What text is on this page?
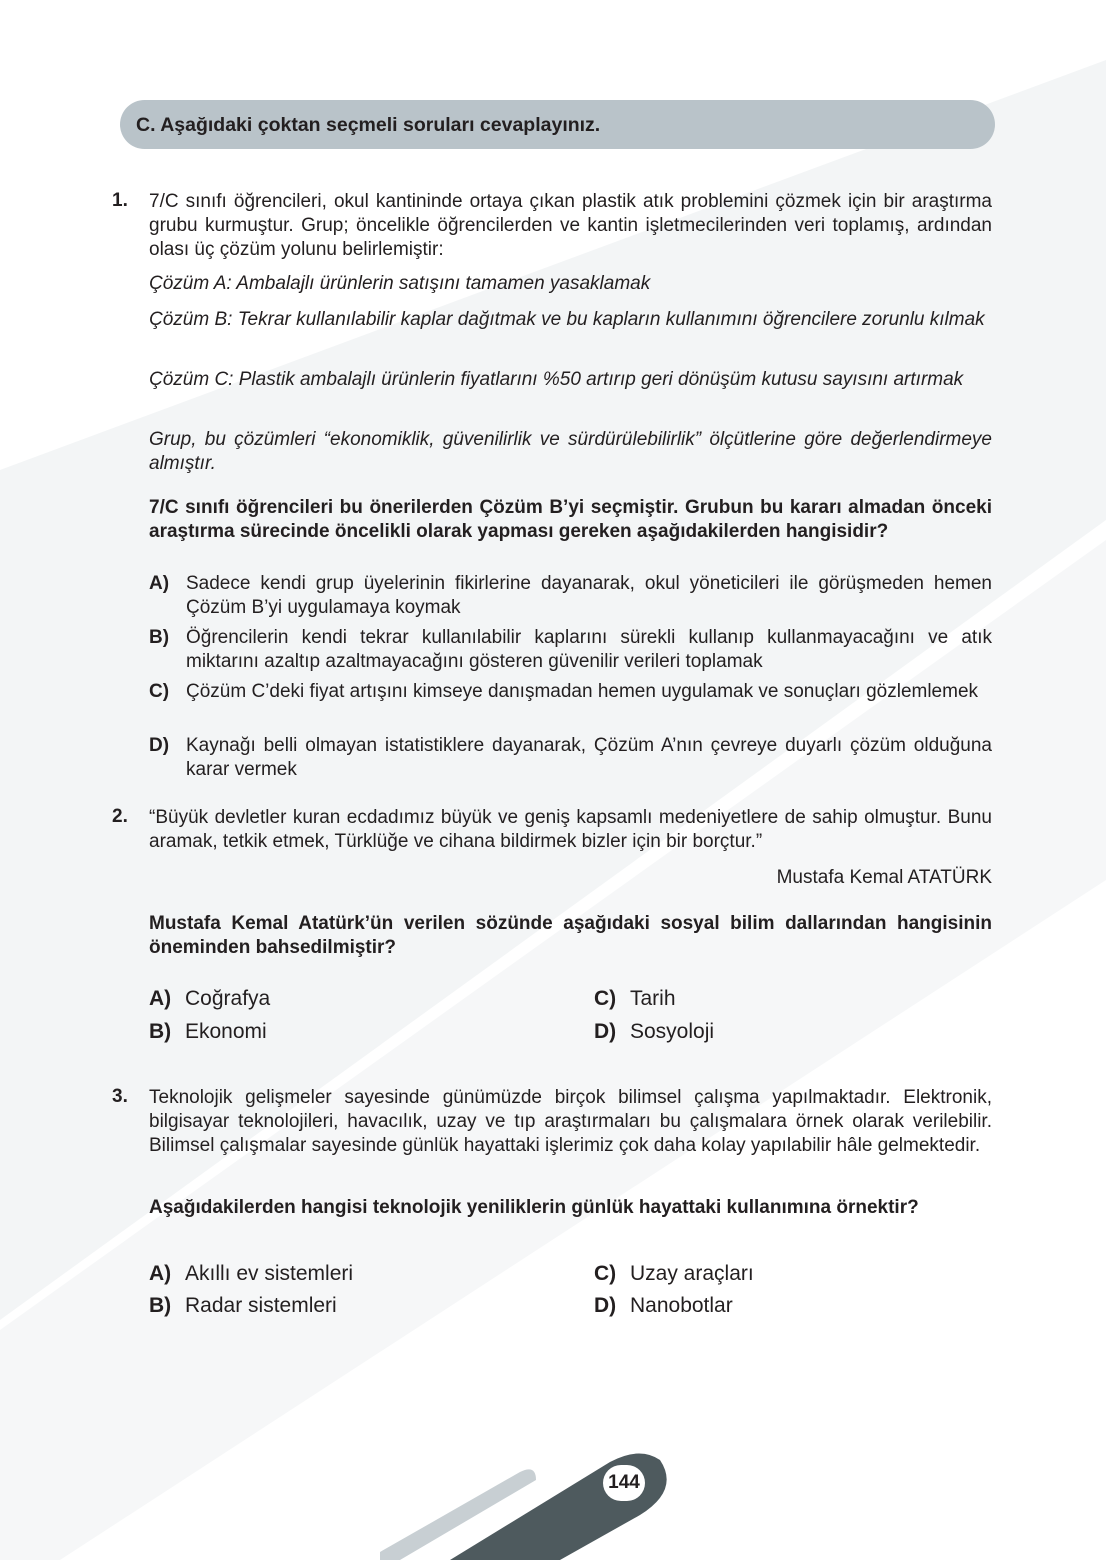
C. Aşağıdaki çoktan seçmeli soruları cevaplayınız.
1. 7/C sınıfı öğrencileri, okul kantininde ortaya çıkan plastik atık problemini çözmek için bir araştırma grubu kurmuştur. Grup; öncelikle öğrencilerden ve kantin işletmecilerinden veri toplamış, ardından olası üç çözüm yolunu belirlemiştir:

Çözüm A: Ambalajlı ürünlerin satışını tamamen yasaklamak

Çözüm B: Tekrar kullanılabilir kaplar dağıtmak ve bu kapların kullanımını öğrencilere zorunlu kılmak

Çözüm C: Plastik ambalajlı ürünlerin fiyatlarını %50 artırıp geri dönüşüm kutusu sayısını artırmak

Grup, bu çözümleri “ekonomiklik, güvenilirlik ve sürdürülebilirlik” ölçütlerine göre değerlendirmeye almıştır.

7/C sınıfı öğrencileri bu önerilerden Çözüm B’yi seçmiştir. Grubun bu kararı almadan önceki araştırma sürecinde öncelikli olarak yapması gereken aşağıdakilerden hangisidir?

A) Sadece kendi grup üyelerinin fikirlerine dayanarak, okul yöneticileri ile görüşmeden hemen Çözüm B’yi uygulamaya koymak
B) Öğrencilerin kendi tekrar kullanılabilir kaplarını sürekli kullanıp kullanmayacağını ve atık miktarını azaltıp azaltmayacağını gösteren güvenilir verileri toplamak
C) Çözüm C’deki fiyat artışını kimseye danışmadan hemen uygulamak ve sonuçları gözlemlemek
D) Kaynağı belli olmayan istatistiklere dayanarak, Çözüm A’nın çevreye duyarlı çözüm olduğuna karar vermek
2. “Büyük devletler kuran ecdadımız büyük ve geniş kapsamlı medeniyetlere de sahip olmuştur. Bunu aramak, tetkik etmek, Türklüğe ve cihana bildirmek bizler için bir borçtur.”

Mustafa Kemal ATATÜRK

Mustafa Kemal Atatürk’ün verilen sözünde aşağıdaki sosyal bilim dallarından hangisinin öneminden bahsedilmiştir?

A) Coğrafya
B) Ekonomi
C) Tarih
D) Sosyoloji
3. Teknolojik gelişmeler sayesinde günümüzde birçok bilimsel çalışma yapılmaktadır. Elektronik, bilgisayar teknolojileri, havacılık, uzay ve tıp araştırmaları bu çalışmalara örnek olarak verilebilir. Bilimsel çalışmalar sayesinde günlük hayattaki işlerimiz çok daha kolay yapılabilir hâle gelmektedir.

Aşağıdakilerden hangisi teknolojik yeniliklerin günlük hayattaki kullanımına örnektir?

A) Akıllı ev sistemleri
B) Radar sistemleri
C) Uzay araçları
D) Nanobotlar
144
